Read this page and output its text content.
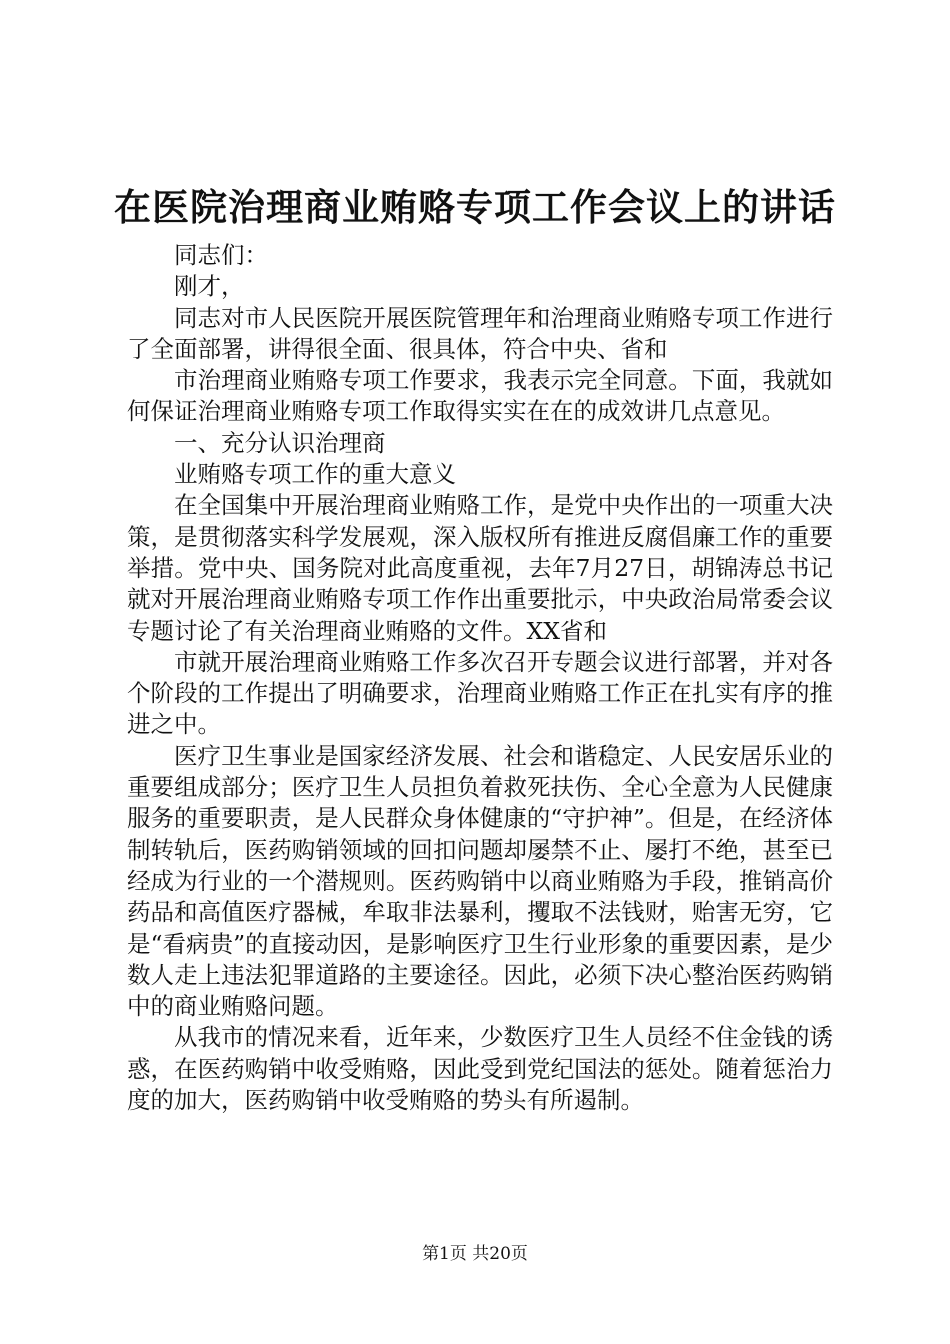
在医院治理商业贿赂专项工作会议上的讲话

同志们：

刚才，

同志对市人民医院开展医院管理年和治理商业贿赂专项工作进行了全面部署，讲得很全面、很具体，符合中央、省和

市治理商业贿赂专项工作要求，我表示完全同意。下面，我就如何保证治理商业贿赂专项工作取得实实在在的成效讲几点意见。

一、充分认识治理商

业贿赂专项工作的重大意义

在全国集中开展治理商业贿赂工作，是党中央作出的一项重大决策，是贯彻落实科学发展观，深入版权所有推进反腐倡廉工作的重要举措。党中央、国务院对此高度重视，去年7月27日，胡锦涛总书记就对开展治理商业贿赂专项工作作出重要批示，中央政治局常委会议专题讨论了有关治理商业贿赂的文件。XX省和

市就开展治理商业贿赂工作多次召开专题会议进行部署，并对各个阶段的工作提出了明确要求，治理商业贿赂工作正在扎实有序的推进之中。

医疗卫生事业是国家经济发展、社会和谐稳定、人民安居乐业的重要组成部分；医疗卫生人员担负着救死扶伤、全心全意为人民健康服务的重要职责，是人民群众身体健康的“守护神”。但是，在经济体制转轨后，医药购销领域的回扣问题却屡禁不止、屡打不绝，甚至已经成为行业的一个潜规则。医药购销中以商业贿赂为手段，推销高价药品和高值医疗器械，牟取非法暴利，攫取不法钱财，贻害无穷，它是“看病贵”的直接动因，是影响医疗卫生行业形象的重要因素，是少数人走上违法犯罪道路的主要途径。因此，必须下决心整治医药购销中的商业贿赂问题。

从我市的情况来看，近年来，少数医疗卫生人员经不住金钱的诱惑，在医药购销中收受贿赂，因此受到党纪国法的惩处。随着惩治力度的加大，医药购销中收受贿赂的势头有所遏制。

第1页 共20页
